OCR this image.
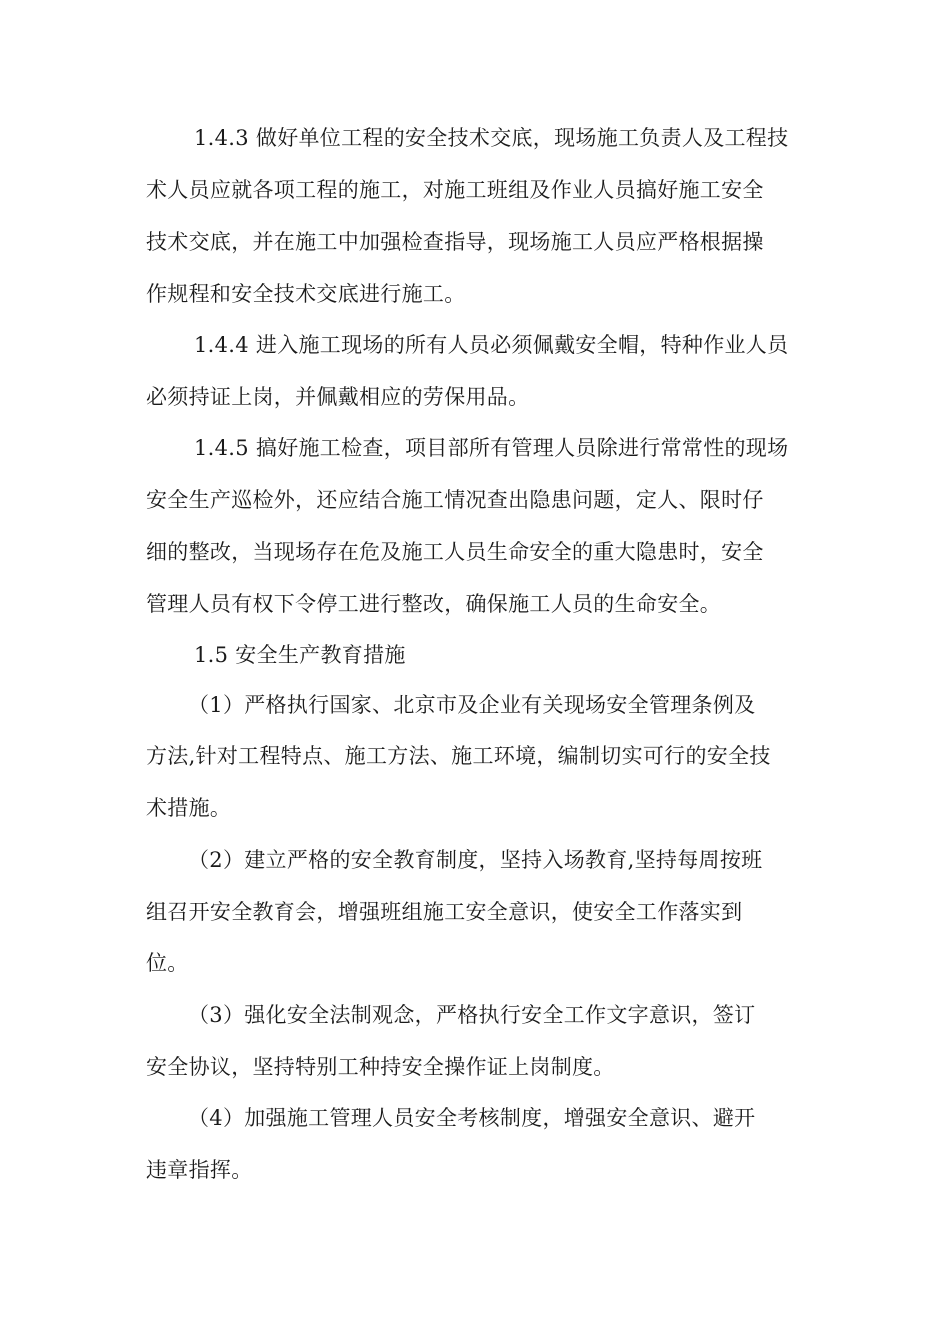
1.4.3 做好单位工程的安全技术交底，现场施工负责人及工程技
术人员应就各项工程的施工，对施工班组及作业人员搞好施工安全
技术交底，并在施工中加强检查指导，现场施工人员应严格根据操
作规程和安全技术交底进行施工。
1.4.4 进入施工现场的所有人员必须佩戴安全帽，特种作业人员
必须持证上岗，并佩戴相应的劳保用品。
1.4.5 搞好施工检查，项目部所有管理人员除进行常常性的现场
安全生产巡检外，还应结合施工情况查出隐患问题，定人、限时仔
细的整改，当现场存在危及施工人员生命安全的重大隐患时，安全
管理人员有权下令停工进行整改，确保施工人员的生命安全。
1.5 安全生产教育措施
（1）严格执行国家、北京市及企业有关现场安全管理条例及
方法,针对工程特点、施工方法、施工环境，编制切实可行的安全技
术措施。
（2）建立严格的安全教育制度，坚持入场教育,坚持每周按班
组召开安全教育会，增强班组施工安全意识，使安全工作落实到
位。
（3）强化安全法制观念，严格执行安全工作文字意识，签订
安全协议，坚持特别工种持安全操作证上岗制度。
（4）加强施工管理人员安全考核制度，增强安全意识、避开
违章指挥。
